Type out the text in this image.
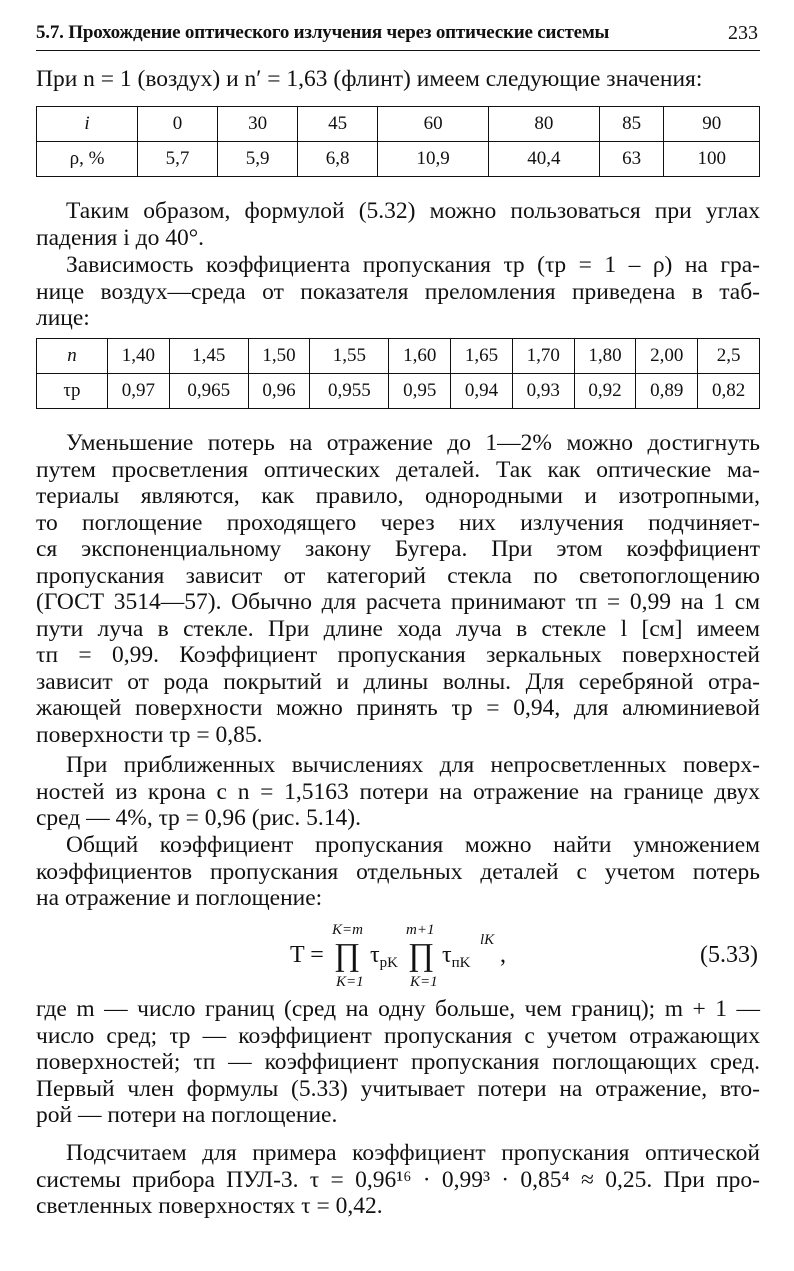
5.7. Прохождение оптического излучения через оптические системы	233
При n = 1 (воздух) и n′ = 1,63 (флинт) имеем следующие значения:
i	0	30	45	60	80	85	90
ρ, %	5,7	5,9	6,8	10,9	40,4	63	100
Таким образом, формулой (5.32) можно пользоваться при углах
падения i до 40°.
Зависимость коэффициента пропускания τр (τр = 1 – ρ) на гра-
нице воздух—среда от показателя преломления приведена в таб-
лице:
n	1,40	1,45	1,50	1,55	1,60	1,65	1,70	1,80	2,00	2,5
τр	0,97	0,965	0,96	0,955	0,95	0,94	0,93	0,92	0,89	0,82
Уменьшение потерь на отражение до 1—2% можно достигнуть
путем просветления оптических деталей. Так как оптические ма-
териалы являются, как правило, однородными и изотропными,
то поглощение проходящего через них излучения подчиняет-
ся экспоненциальному закону Бугера. При этом коэффициент
пропускания зависит от категорий стекла по светопоглощению
(ГОСТ 3514—57). Обычно для расчета принимают τп = 0,99 на 1 см
пути луча в стекле. При длине хода луча в стекле l [см] имеем
τп = 0,99. Коэффициент пропускания зеркальных поверхностей
зависит от рода покрытий и длины волны. Для серебряной отра-
жающей поверхности можно принять τр = 0,94, для алюминиевой
поверхности τр = 0,85.
При приближенных вычислениях для непросветленных поверх-
ностей из крона с n = 1,5163 потери на отражение на границе двух
сред — 4%, τр = 0,96 (рис. 5.14).
Общий коэффициент пропускания можно найти умножением
коэффициентов пропускания отдельных деталей с учетом потерь
на отражение и поглощение:
T =
K=m
∏
K=1
$\tau_{pK}$
m+1
∏
K=1
$\tau_{пK}$
lK
,	(5.33)
где m — число границ (сред на одну больше, чем границ); m + 1 —
число сред; τр — коэффициент пропускания с учетом отражающих
поверхностей; τп — коэффициент пропускания поглощающих сред.
Первый член формулы (5.33) учитывает потери на отражение, вто-
рой — потери на поглощение.
Подсчитаем для примера коэффициент пропускания оптической
системы прибора ПУЛ-3. τ = 0,96¹⁶ · 0,99³ · 0,85⁴ ≈ 0,25. При про-
светленных поверхностях τ = 0,42.
